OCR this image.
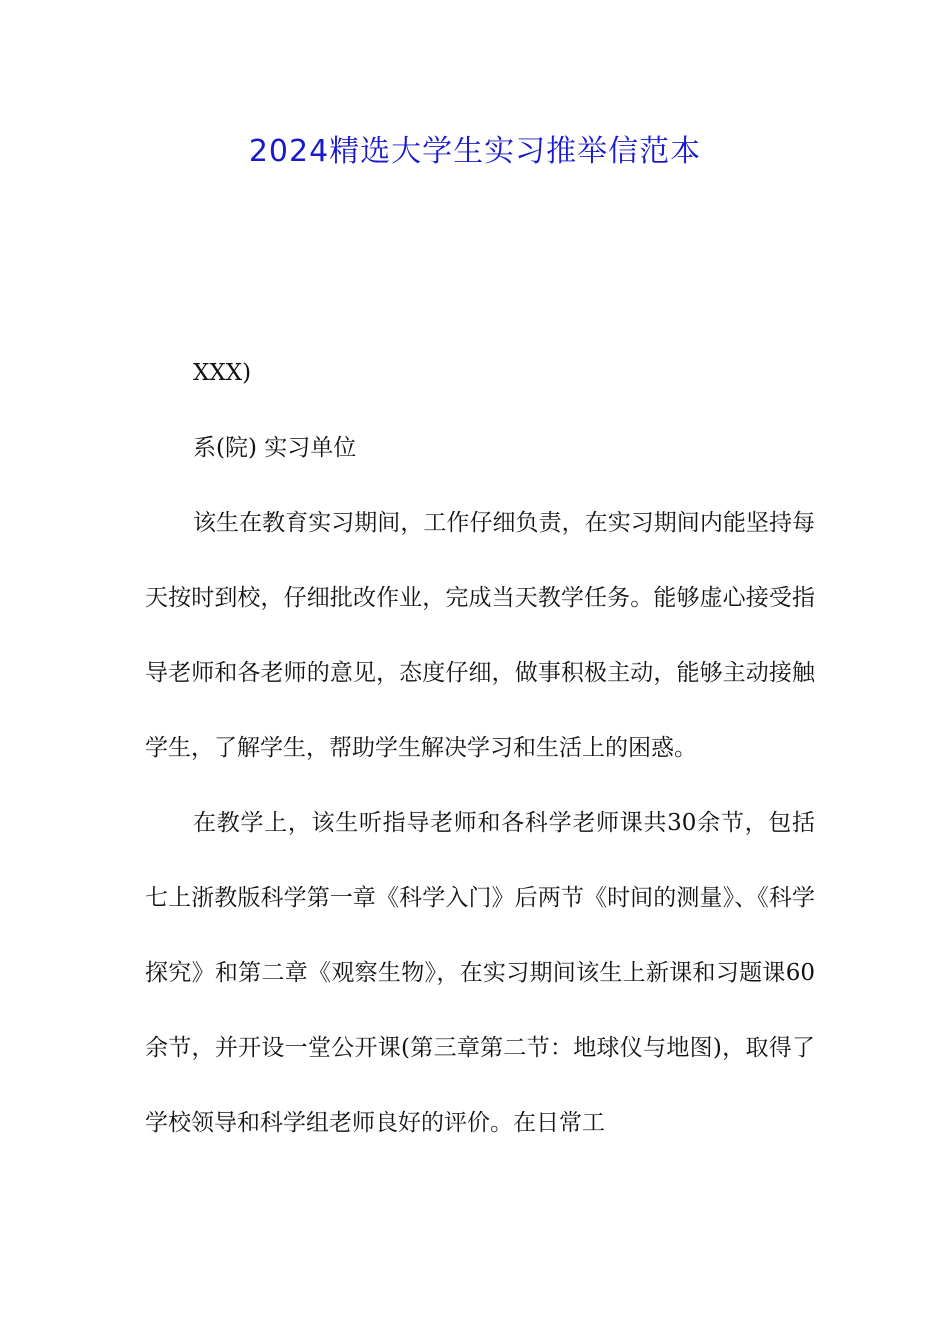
2024精选大学生实习推举信范本

XXX)

系(院) 实习单位

该生在教育实习期间，工作仔细负责，在实习期间内能坚持每天按时到校，仔细批改作业，完成当天教学任务。能够虚心接受指导老师和各老师的意见，态度仔细，做事积极主动，能够主动接触学生，了解学生，帮助学生解决学习和生活上的困惑。

在教学上，该生听指导老师和各科学老师课共30余节，包括七上浙教版科学第一章《科学入门》后两节《时间的测量》、《科学探究》和第二章《观察生物》，在实习期间该生上新课和习题课60余节，并开设一堂公开课(第三章第二节：地球仪与地图)，取得了学校领导和科学组老师良好的评价。在日常工
